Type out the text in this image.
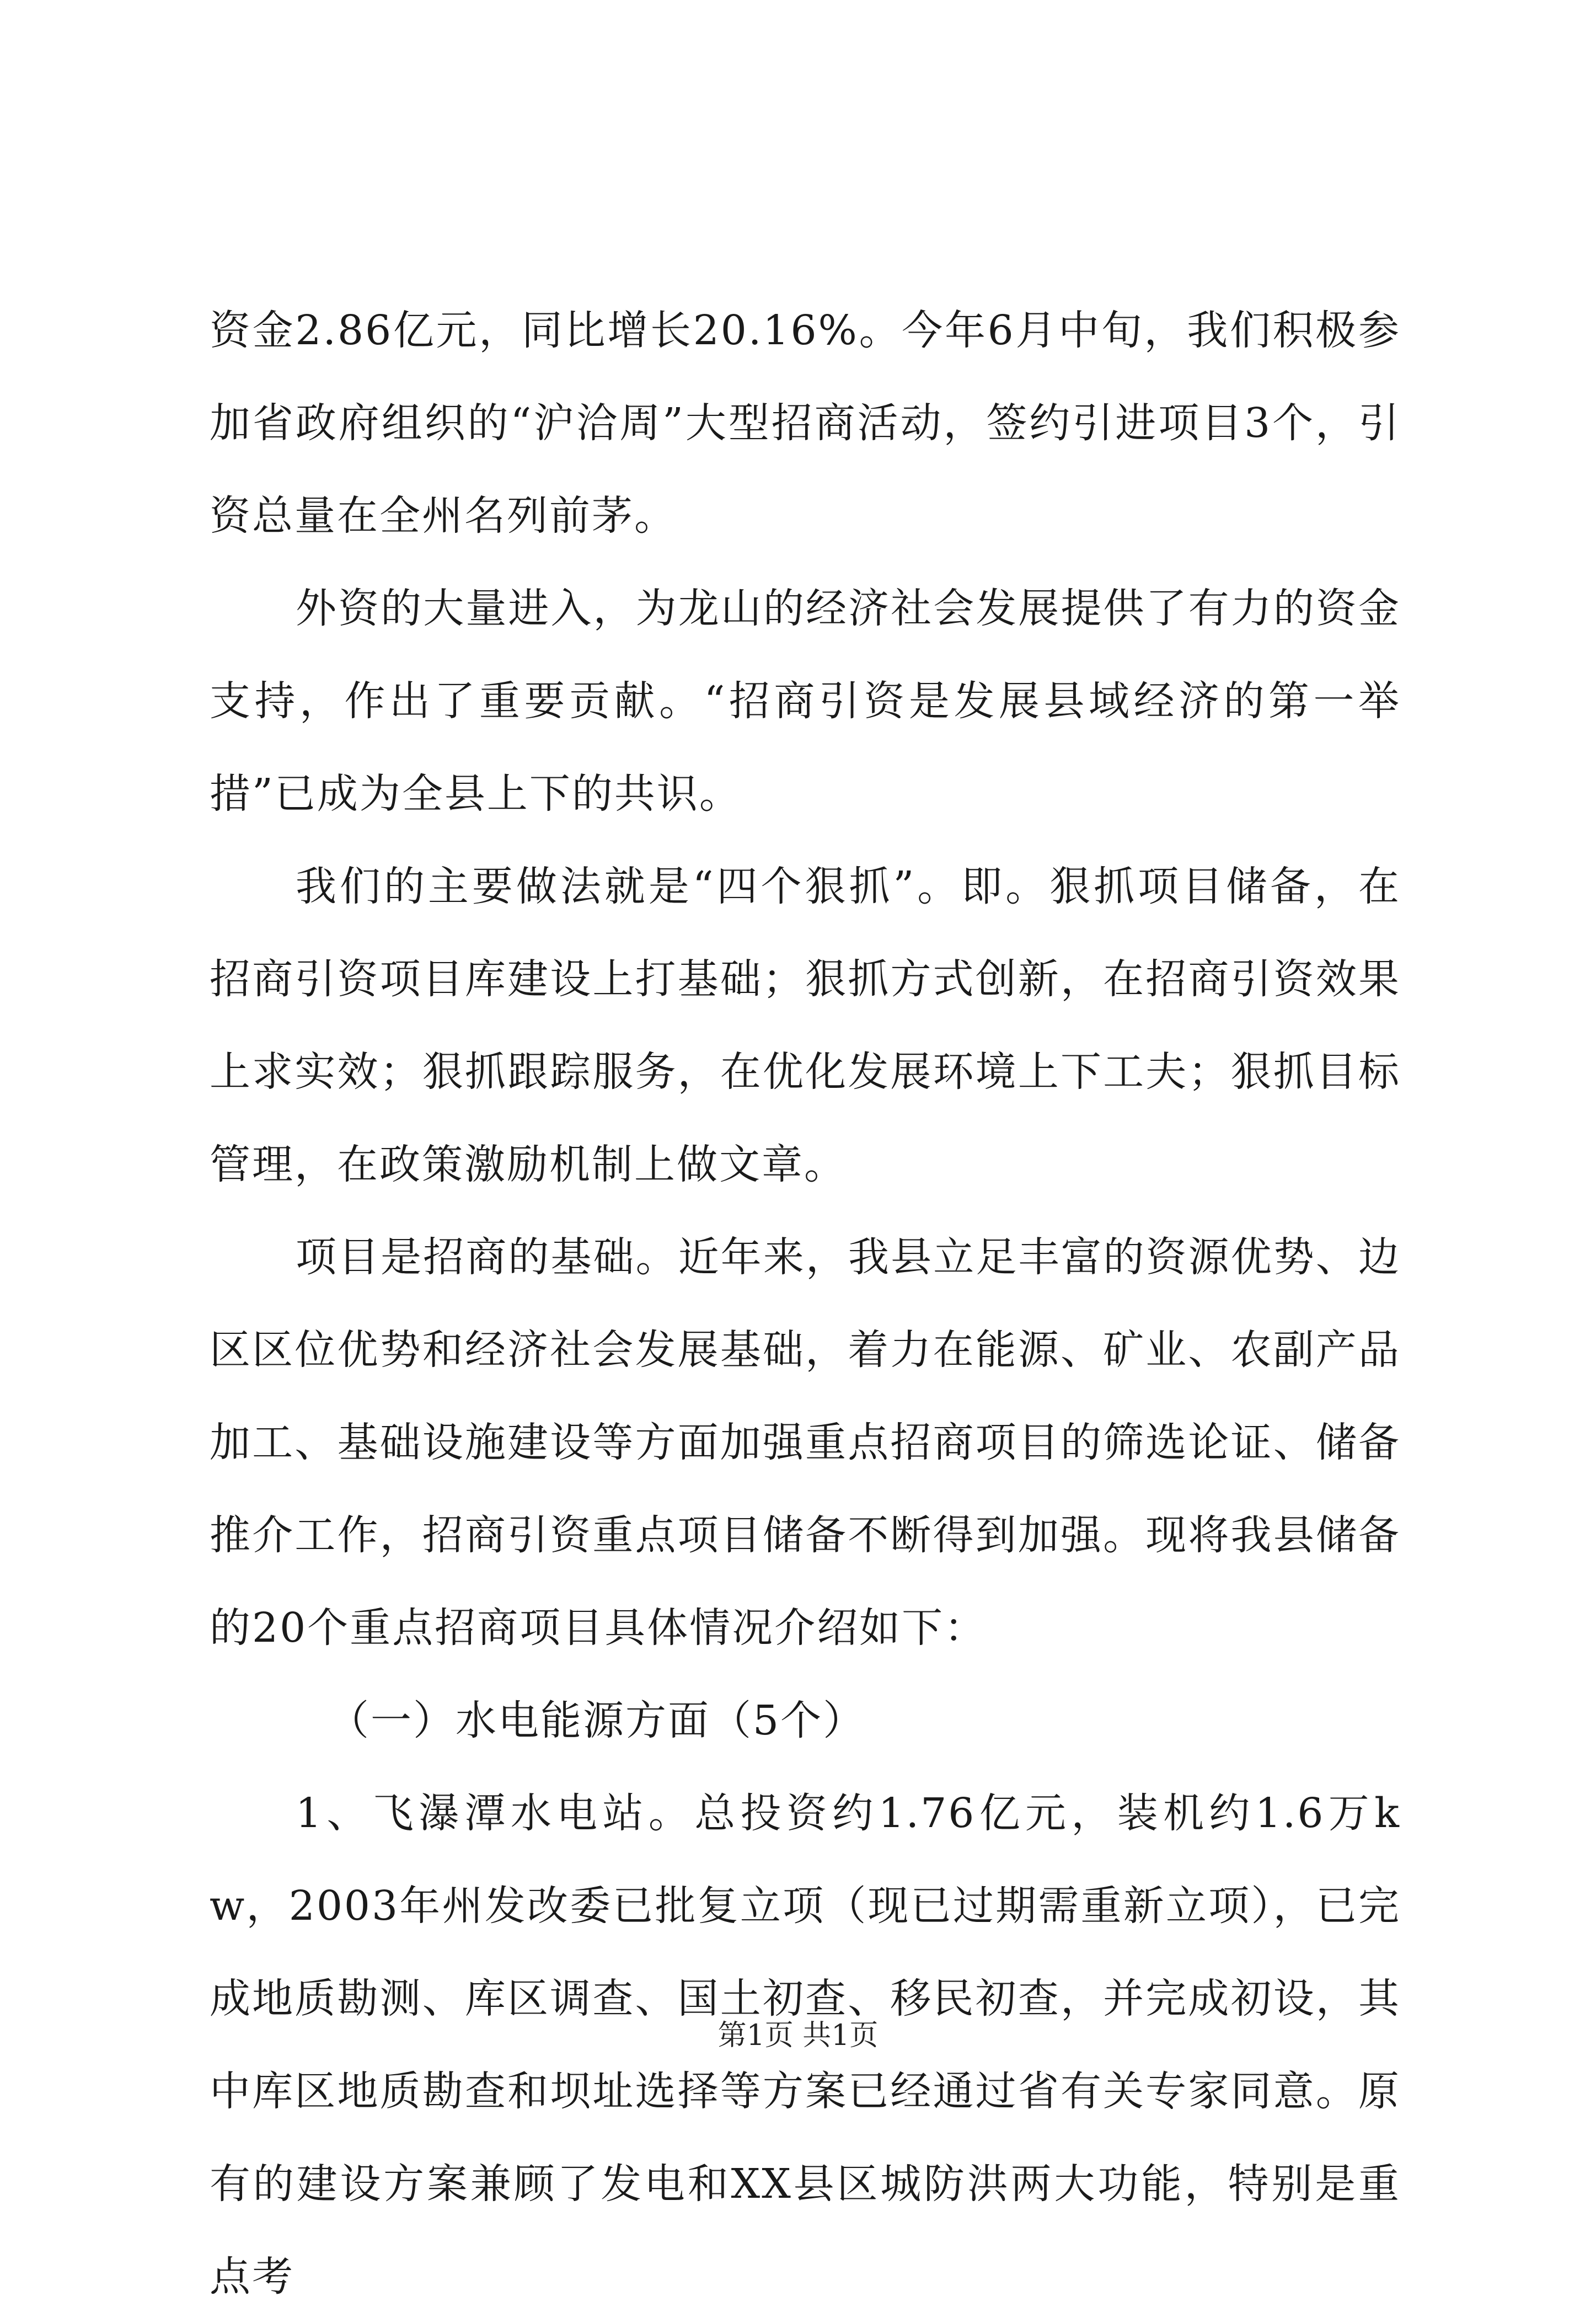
资金2.86亿元，同比增长20.16%。今年6月中旬，我们积极参加省政府组织的“沪洽周”大型招商活动，签约引进项目3个，引资总量在全州名列前茅。

外资的大量进入，为龙山的经济社会发展提供了有力的资金支持，作出了重要贡献。“招商引资是发展县域经济的第一举措”已成为全县上下的共识。

我们的主要做法就是“四个狠抓”。即。狠抓项目储备，在招商引资项目库建设上打基础；狠抓方式创新，在招商引资效果上求实效；狠抓跟踪服务，在优化发展环境上下工夫；狠抓目标管理，在政策激励机制上做文章。

项目是招商的基础。近年来，我县立足丰富的资源优势、边区区位优势和经济社会发展基础，着力在能源、矿业、农副产品加工、基础设施建设等方面加强重点招商项目的筛选论证、储备推介工作，招商引资重点项目储备不断得到加强。现将我县储备的20个重点招商项目具体情况介绍如下：

（一）水电能源方面（5个）

1、飞瀑潭水电站。总投资约1.76亿元，装机约1.6万kw，2003年州发改委已批复立项（现已过期需重新立项），已完成地质勘测、库区调查、国土初查、移民初查，并完成初设，其中库区地质勘查和坝址选择等方案已经通过省有关专家同意。原有的建设方案兼顾了发电和XX县区城防洪两大功能，特别是重点考

第1页 共1页
